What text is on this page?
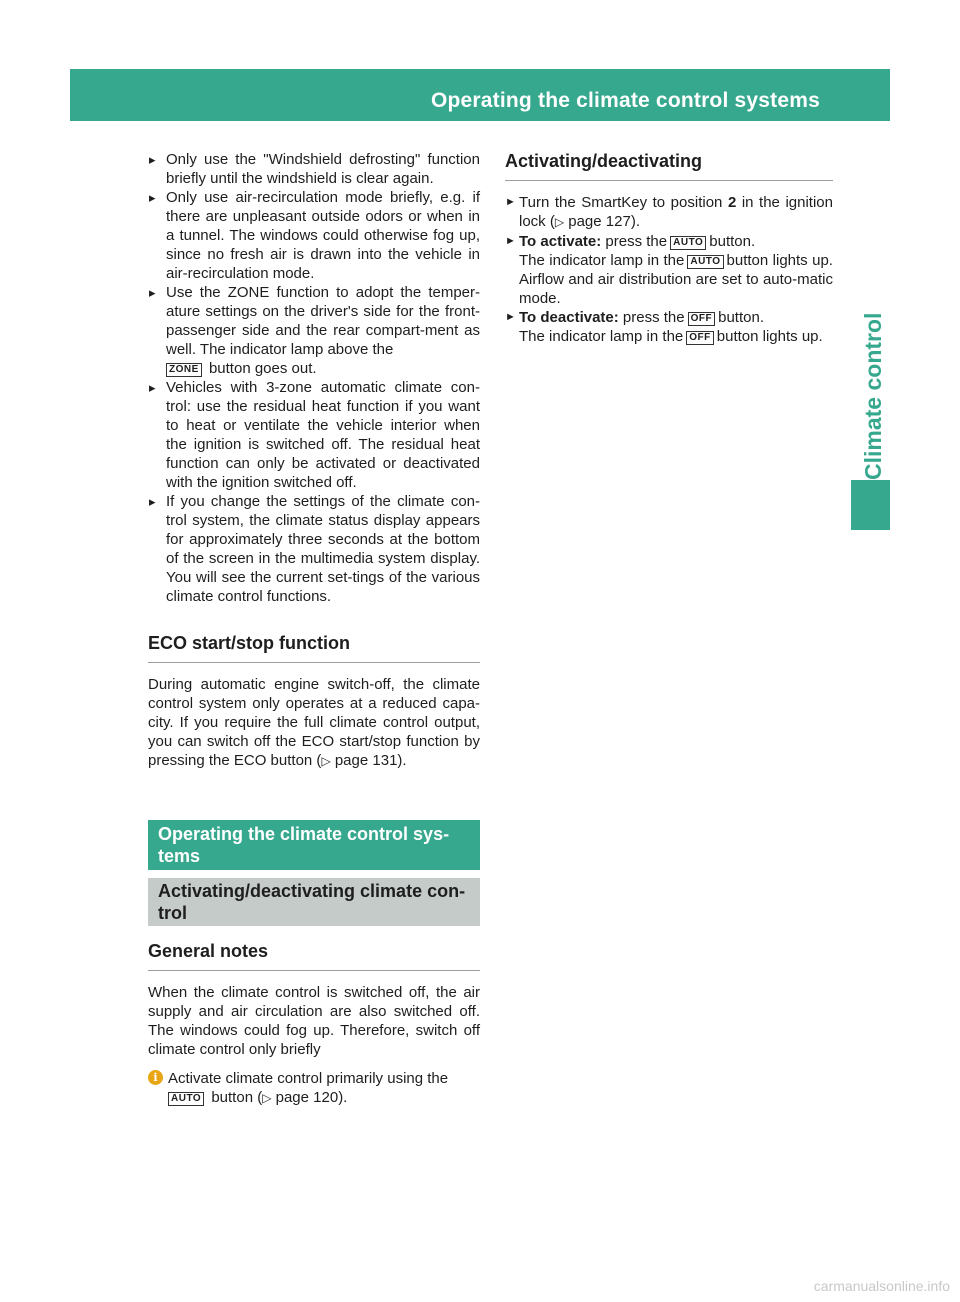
Operating the climate control systems	119
Climate control
▸ Only use the "Windshield defrosting" function briefly until the windshield is clear again.
▸ Only use air-recirculation mode briefly, e.g. if there are unpleasant outside odors or when in a tunnel. The windows could otherwise fog up, since no fresh air is drawn into the vehicle in air-recirculation mode.
▸ Use the ZONE function to adopt the temper-ature settings on the driver's side for the front-passenger side and the rear compart-ment as well. The indicator lamp above the
ZONE button goes out.
▸ Vehicles with 3-zone automatic climate con-trol: use the residual heat function if you want to heat or ventilate the vehicle interior when the ignition is switched off. The residual heat function can only be activated or deactivated with the ignition switched off.
▸ If you change the settings of the climate con-trol system, the climate status display appears for approximately three seconds at the bottom of the screen in the multimedia system display. You will see the current set-tings of the various climate control functions.
ECO start/stop function

During automatic engine switch-off, the climate control system only operates at a reduced capa-city. If you require the full climate control output, you can switch off the ECO start/stop function by pressing the ECO button (▷ page 131).

Operating the climate control sys-tems
Activating/deactivating climate con-trol
General notes

When the climate control is switched off, the air supply and air circulation are also switched off. The windows could fog up. Therefore, switch off climate control only briefly

i Activate climate control primarily using the
AUTO button (▷ page 120).
Activating/deactivating
► Turn the SmartKey to position 2 in the ignition lock (▷ page 127).
► To activate: press the AUTO button.
The indicator lamp in the AUTO button lights up. Airflow and air distribution are set to auto-matic mode.
► To deactivate: press the OFF button.
The indicator lamp in the OFF button lights up.
carmanualsonline.info
